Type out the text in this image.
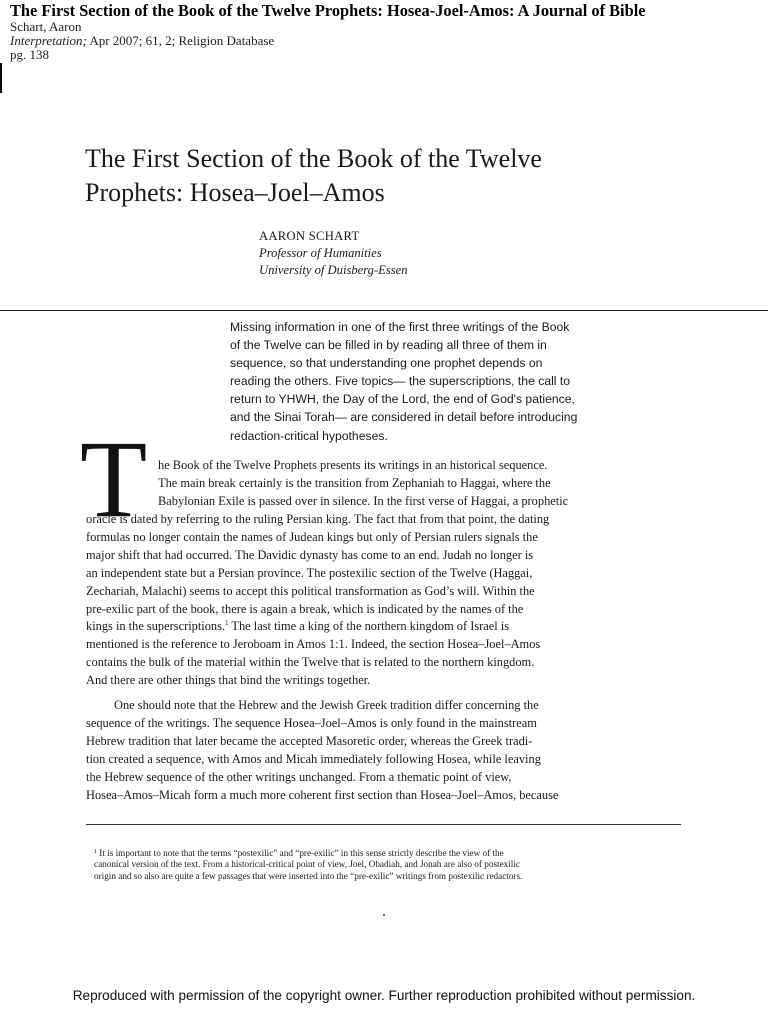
The First Section of the Book of the Twelve Prophets: Hosea-Joel-Amos: A Journal of Bible
Schart, Aaron
Interpretation; Apr 2007; 61, 2; Religion Database
pg. 138
The First Section of the Book of the Twelve
Prophets: Hosea–Joel–Amos
AARON SCHART
Professor of Humanities
University of Duisberg-Essen
Missing information in one of the first three writings of the Book
of the Twelve can be filled in by reading all three of them in
sequence, so that understanding one prophet depends on
reading the others. Five topics— the superscriptions, the call to
return to YHWH, the Day of the Lord, the end of God's patience,
and the Sinai Torah— are considered in detail before introducing
redaction-critical hypotheses.
T he Book of the Twelve Prophets presents its writings in an historical sequence.
The main break certainly is the transition from Zephaniah to Haggai, where the
Babylonian Exile is passed over in silence. In the first verse of Haggai, a prophetic
oracle is dated by referring to the ruling Persian king. The fact that from that point, the dating
formulas no longer contain the names of Judean kings but only of Persian rulers signals the
major shift that had occurred. The Davidic dynasty has come to an end. Judah no longer is
an independent state but a Persian province. The postexilic section of the Twelve (Haggai,
Zechariah, Malachi) seems to accept this political transformation as God’s will. Within the
pre-exilic part of the book, there is again a break, which is indicated by the names of the
kings in the superscriptions.$^1$ The last time a king of the northern kingdom of Israel is
mentioned is the reference to Jeroboam in Amos 1:1. Indeed, the section Hosea–Joel–Amos
contains the bulk of the material within the Twelve that is related to the northern kingdom.
And there are other things that bind the writings together.
One should note that the Hebrew and the Jewish Greek tradition differ concerning the
sequence of the writings. The sequence Hosea–Joel–Amos is only found in the mainstream
Hebrew tradition that later became the accepted Masoretic order, whereas the Greek tradi-
tion created a sequence, with Amos and Micah immediately following Hosea, while leaving
the Hebrew sequence of the other writings unchanged. From a thematic point of view,
Hosea–Amos–Micah form a much more coherent first section than Hosea–Joel–Amos, because
$^1$ It is important to note that the terms “postexilic” and “pre-exilic” in this sense strictly describe the view of the
canonical version of the text. From a historical-critical point of view, Joel, Obadiah, and Jonah are also of postexilic
origin and so also are quite a few passages that were inserted into the “pre-exilic” writings from postexilic redactors.
Reproduced with permission of the copyright owner. Further reproduction prohibited without permission.
